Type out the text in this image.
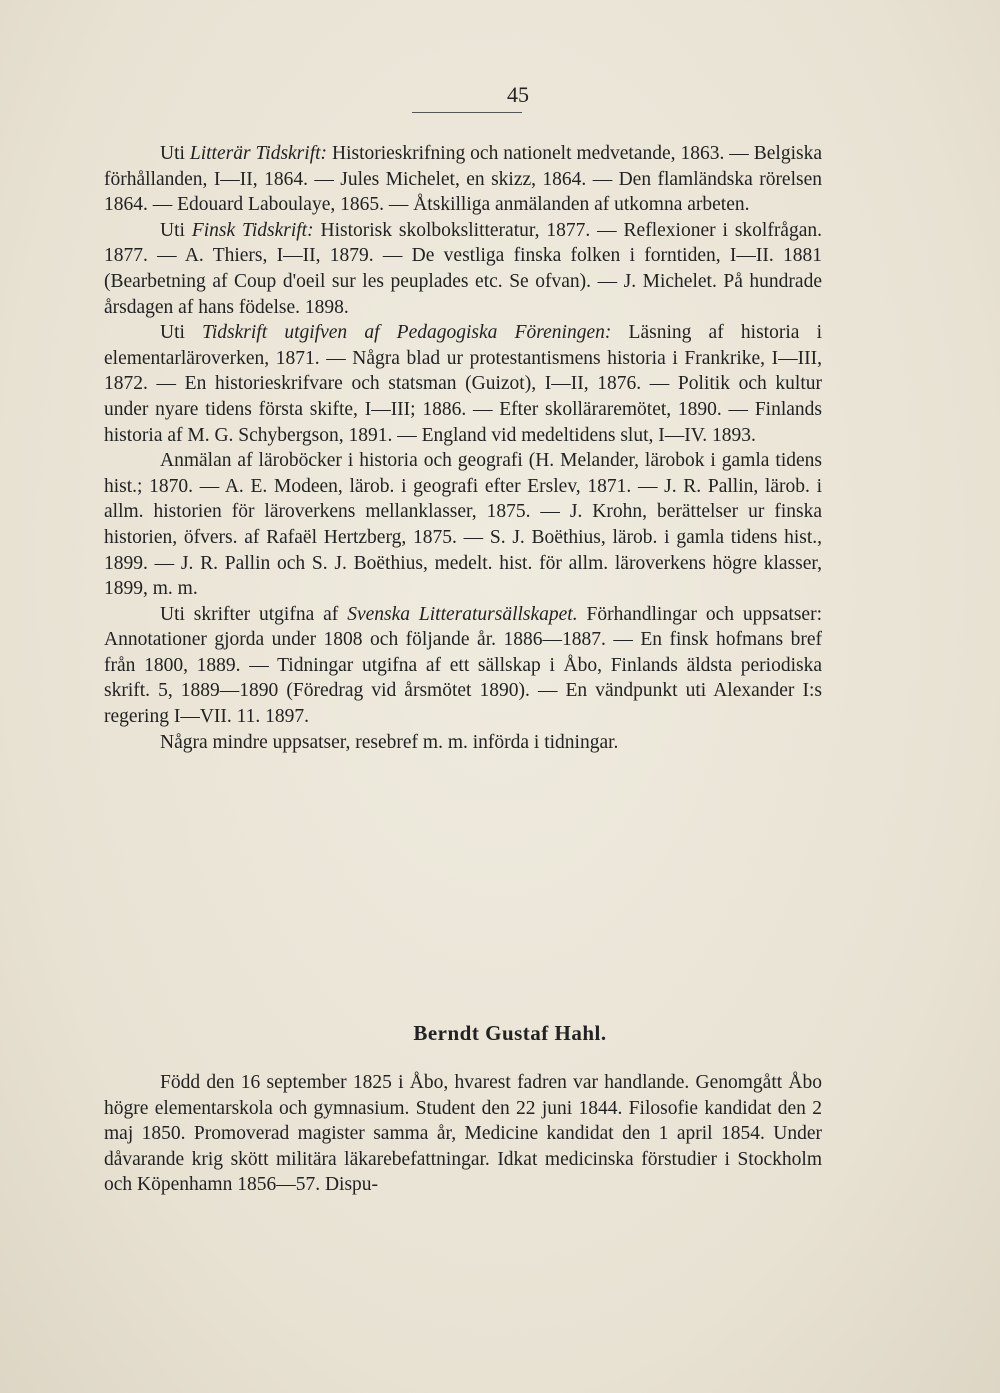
45

Uti Litterär Tidskrift: Historieskrifning och nationelt medvetande, 1863. — Belgiska förhållanden, I—II, 1864. — Jules Michelet, en skizz, 1864. — Den flamländska rörelsen 1864. — Edouard Laboulaye, 1865. — Åtskilliga anmälanden af utkomna arbeten.

Uti Finsk Tidskrift: Historisk skolbokslitteratur, 1877. — Reflexioner i skolfrågan. 1877. — A. Thiers, I—II, 1879. — De vestliga finska folken i forntiden, I—II. 1881 (Bearbetning af Coup d'oeil sur les peuplades etc. Se ofvan). — J. Michelet. På hundrade årsdagen af hans födelse. 1898.

Uti Tidskrift utgifven af Pedagogiska Föreningen: Läsning af historia i elementarläroverken, 1871. — Några blad ur protestantismens historia i Frankrike, I—III, 1872. — En historieskrifvare och statsman (Guizot), I—II, 1876. — Politik och kultur under nyare tidens första skifte, I—III; 1886. — Efter skolläraremötet, 1890. — Finlands historia af M. G. Schybergson, 1891. — England vid medeltidens slut, I—IV. 1893.

Anmälan af läroböcker i historia och geografi (H. Melander, lärobok i gamla tidens hist.; 1870. — A. E. Modeen, lärob. i geografi efter Erslev, 1871. — J. R. Pallin, lärob. i allm. historien för läroverkens mellanklasser, 1875. — J. Krohn, berättelser ur finska historien, öfvers. af Rafaël Hertzberg, 1875. — S. J. Boëthius, lärob. i gamla tidens hist., 1899. — J. R. Pallin och S. J. Boëthius, medelt. hist. för allm. läroverkens högre klasser, 1899, m. m.

Uti skrifter utgifna af Svenska Litteratursällskapet. Förhandlingar och uppsatser: Annotationer gjorda under 1808 och följande år. 1886—1887. — En finsk hofmans bref från 1800, 1889. — Tidningar utgifna af ett sällskap i Åbo, Finlands äldsta periodiska skrift. 5, 1889—1890 (Föredrag vid årsmötet 1890). — En vändpunkt uti Alexander I:s regering I—VII. 11. 1897.

Några mindre uppsatser, resebref m. m. införda i tidningar.

Berndt Gustaf Hahl.

Född den 16 september 1825 i Åbo, hvarest fadren var handlande. Genomgått Åbo högre elementarskola och gymnasium. Student den 22 juni 1844. Filosofie kandidat den 2 maj 1850. Promoverad magister samma år, Medicine kandidat den 1 april 1854. Under dåvarande krig skött militära läkarebefattningar. Idkat medicinska förstudier i Stockholm och Köpenhamn 1856—57. Dispu-
